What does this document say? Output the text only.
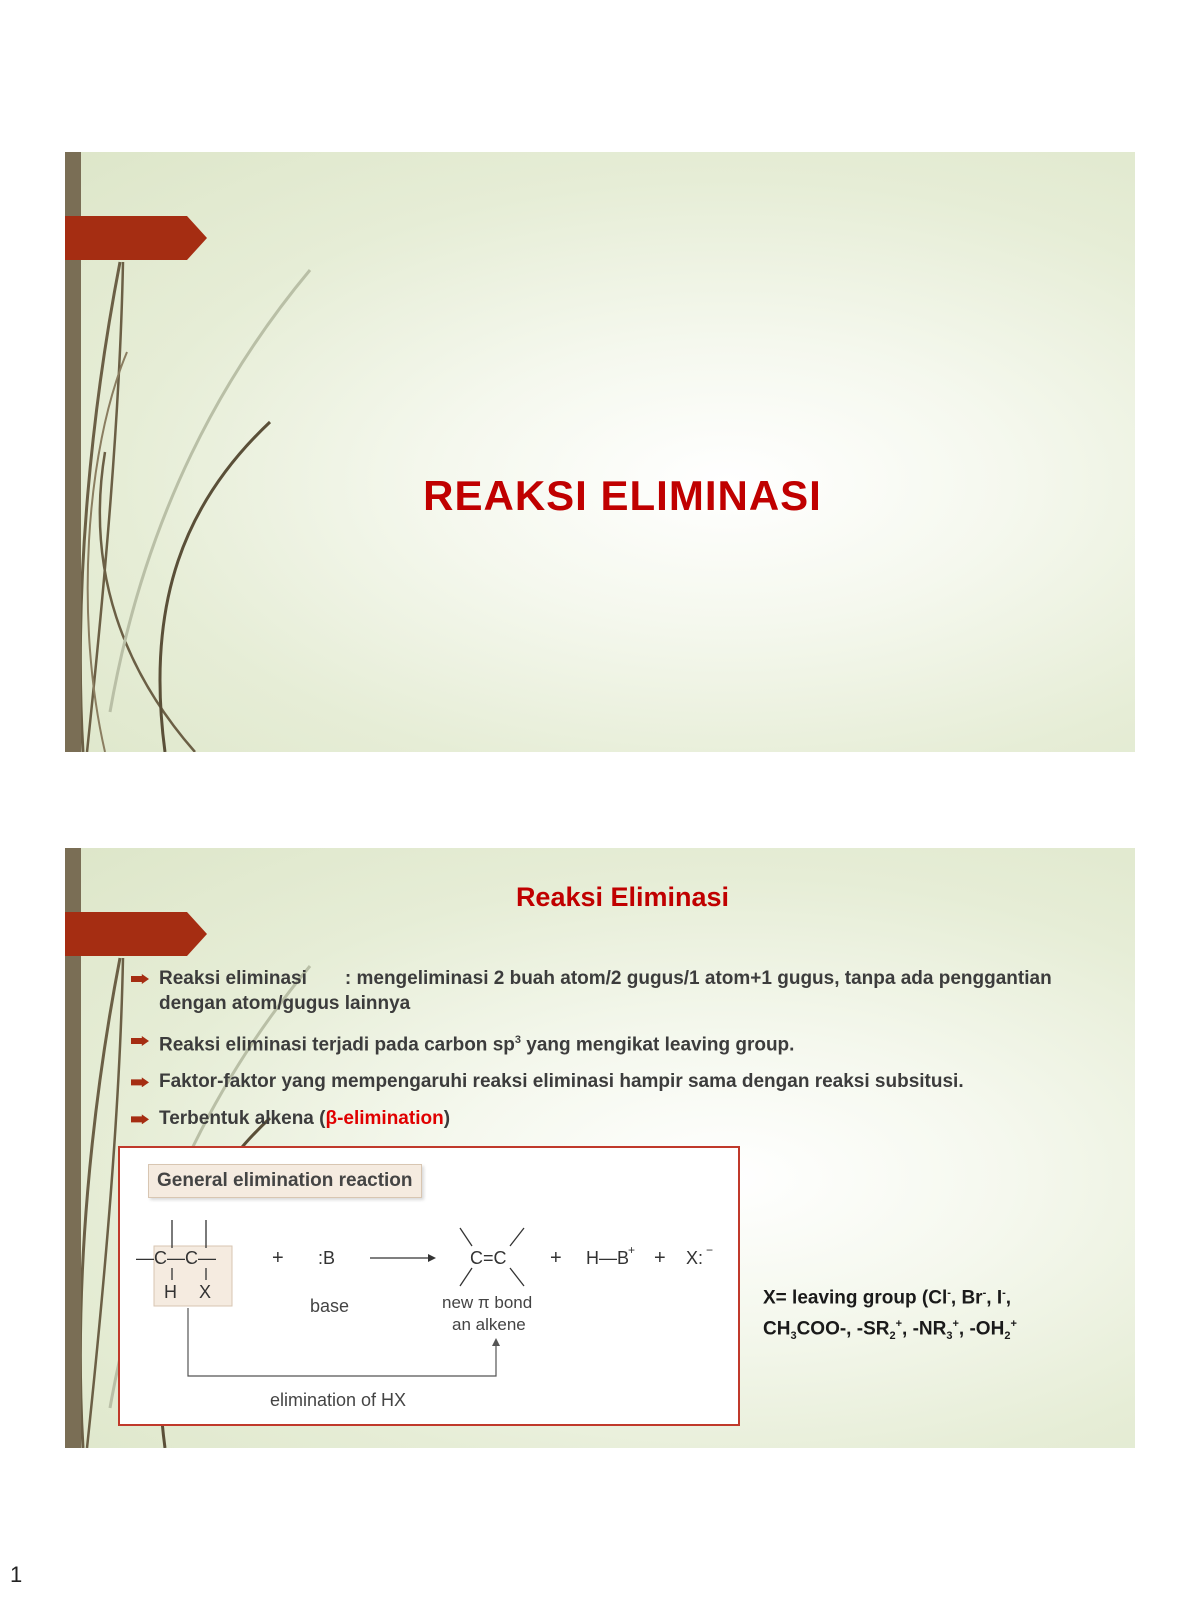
REAKSI ELIMINASI
Reaksi Eliminasi
Reaksi eliminasi : mengeliminasi 2 buah atom/2 gugus/1 atom+1 gugus, tanpa ada penggantian dengan atom/gugus lainnya
Reaksi eliminasi terjadi pada carbon $sp^3$ yang mengikat leaving group.
Faktor-faktor yang mempengaruhi reaksi eliminasi hampir sama dengan reaksi subsitusi.
Terbentuk alkena (β-elimination)
—C—C—
H X
+ :B
base
C=C
new π bond
an alkene
+ H—B
+ + X: −
elimination of HX
General elimination reaction
X= leaving group (Cl-, Br-, I-,
$CH_3COO-$, $-SR_2^+$, $-NR_3^+$, $-OH_2^+$
1
